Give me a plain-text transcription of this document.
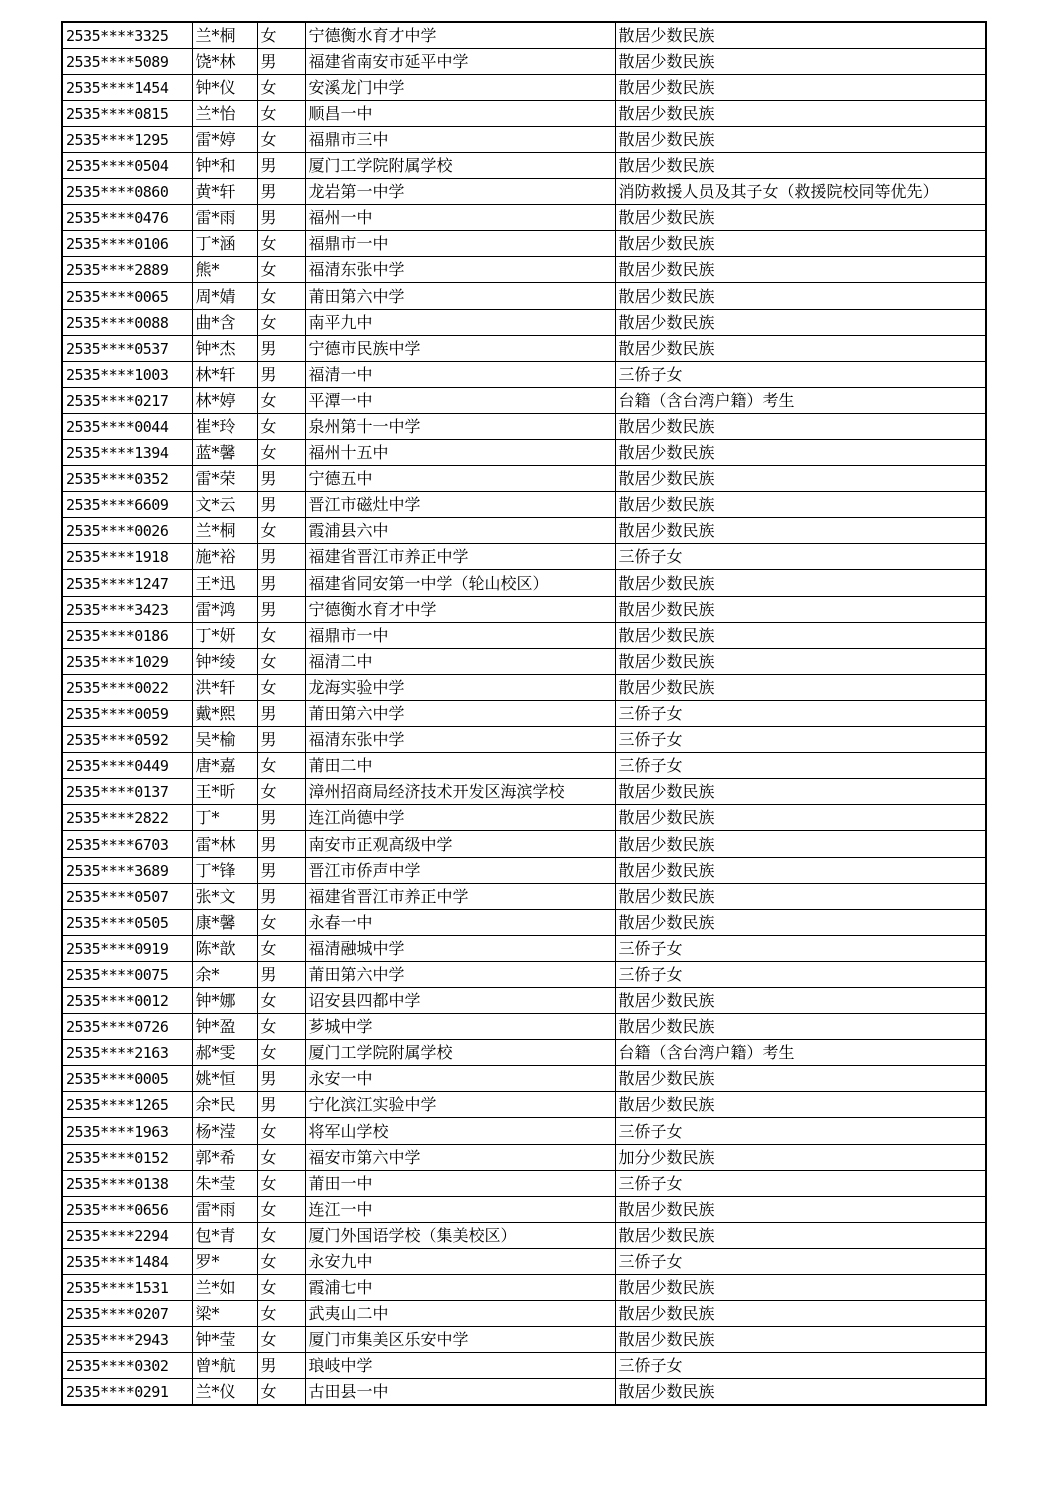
2535****3325	兰*桐	女	宁德衡水育才中学	散居少数民族
2535****5089	饶*林	男	福建省南安市延平中学	散居少数民族
2535****1454	钟*仪	女	安溪龙门中学	散居少数民族
2535****0815	兰*怡	女	顺昌一中	散居少数民族
2535****1295	雷*婷	女	福鼎市三中	散居少数民族
2535****0504	钟*和	男	厦门工学院附属学校	散居少数民族
2535****0860	黄*轩	男	龙岩第一中学	消防救援人员及其子女（救援院校同等优先）
2535****0476	雷*雨	男	福州一中	散居少数民族
2535****0106	丁*涵	女	福鼎市一中	散居少数民族
2535****2889	熊*	女	福清东张中学	散居少数民族
2535****0065	周*婧	女	莆田第六中学	散居少数民族
2535****0088	曲*含	女	南平九中	散居少数民族
2535****0537	钟*杰	男	宁德市民族中学	散居少数民族
2535****1003	林*轩	男	福清一中	三侨子女
2535****0217	林*婷	女	平潭一中	台籍（含台湾户籍）考生
2535****0044	崔*玲	女	泉州第十一中学	散居少数民族
2535****1394	蓝*馨	女	福州十五中	散居少数民族
2535****0352	雷*荣	男	宁德五中	散居少数民族
2535****6609	文*云	男	晋江市磁灶中学	散居少数民族
2535****0026	兰*桐	女	霞浦县六中	散居少数民族
2535****1918	施*裕	男	福建省晋江市养正中学	三侨子女
2535****1247	王*迅	男	福建省同安第一中学（轮山校区）	散居少数民族
2535****3423	雷*鸿	男	宁德衡水育才中学	散居少数民族
2535****0186	丁*妍	女	福鼎市一中	散居少数民族
2535****1029	钟*绫	女	福清二中	散居少数民族
2535****0022	洪*轩	女	龙海实验中学	散居少数民族
2535****0059	戴*熙	男	莆田第六中学	三侨子女
2535****0592	吴*榆	男	福清东张中学	三侨子女
2535****0449	唐*嘉	女	莆田二中	三侨子女
2535****0137	王*昕	女	漳州招商局经济技术开发区海滨学校	散居少数民族
2535****2822	丁*	男	连江尚德中学	散居少数民族
2535****6703	雷*林	男	南安市正观高级中学	散居少数民族
2535****3689	丁*锋	男	晋江市侨声中学	散居少数民族
2535****0507	张*文	男	福建省晋江市养正中学	散居少数民族
2535****0505	康*馨	女	永春一中	散居少数民族
2535****0919	陈*歆	女	福清融城中学	三侨子女
2535****0075	余*	男	莆田第六中学	三侨子女
2535****0012	钟*娜	女	诏安县四都中学	散居少数民族
2535****0726	钟*盈	女	芗城中学	散居少数民族
2535****2163	郝*雯	女	厦门工学院附属学校	台籍（含台湾户籍）考生
2535****0005	姚*恒	男	永安一中	散居少数民族
2535****1265	余*民	男	宁化滨江实验中学	散居少数民族
2535****1963	杨*滢	女	将军山学校	三侨子女
2535****0152	郭*希	女	福安市第六中学	加分少数民族
2535****0138	朱*莹	女	莆田一中	三侨子女
2535****0656	雷*雨	女	连江一中	散居少数民族
2535****2294	包*青	女	厦门外国语学校（集美校区）	散居少数民族
2535****1484	罗*	女	永安九中	三侨子女
2535****1531	兰*如	女	霞浦七中	散居少数民族
2535****0207	梁*	女	武夷山二中	散居少数民族
2535****2943	钟*莹	女	厦门市集美区乐安中学	散居少数民族
2535****0302	曾*航	男	琅岐中学	三侨子女
2535****0291	兰*仪	女	古田县一中	散居少数民族
